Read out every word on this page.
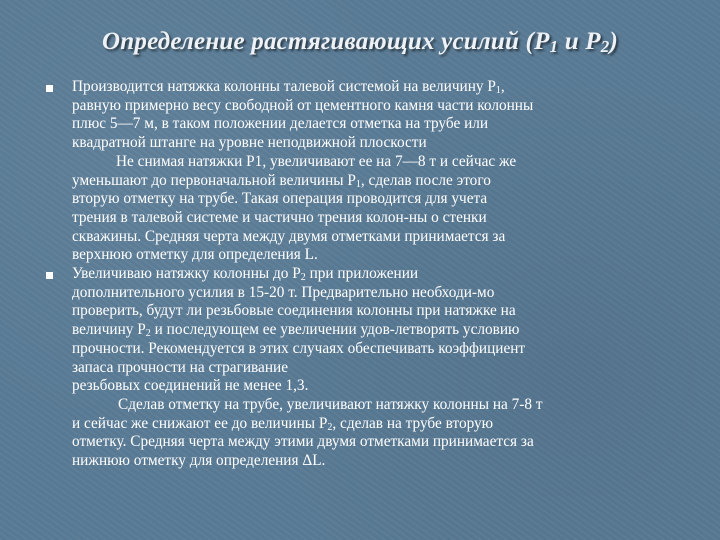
Определение растягивающих усилий ($P_1$ и $P_2$)
Производится натяжка колонны талевой системой на величину $P_1$,
равную примерно весу свободной от цементного камня части колонны
плюс 5—7 м, в таком положении делается отметка на трубе или
квадратной штанге на уровне неподвижной плоскости
Не снимая натяжки P1, увеличивают ее на 7—8 т и сейчас же
уменьшают до первоначальной величины $P_1$, сделав после этого
вторую отметку на трубе. Такая операция проводится для учета
трения в талевой системе и частично трения колон-ны о стенки
скважины. Средняя черта между двумя отметками принимается за
верхнюю отметку для определения L.
Увеличиваю натяжку колонны до $P_2$ при приложении
дополнительного усилия в 15-20 т. Предварительно необходи-мо
проверить, будут ли резьбовые соединения колонны при натяжке на
величину $P_2$ и последующем ее увеличении удов-летворять условию
прочности. Рекомендуется в этих случаях обеспечивать коэффициент
запаса прочности на страгивание
резьбовых соединений не менее 1,3.
Сделав отметку на трубе, увеличивают натяжку колонны на 7-8 т
и сейчас же снижают ее до величины $P_2$, сделав на трубе вторую
отметку. Средняя черта между этими двумя отметками принимается за
нижнюю отметку для определения ΔL.
